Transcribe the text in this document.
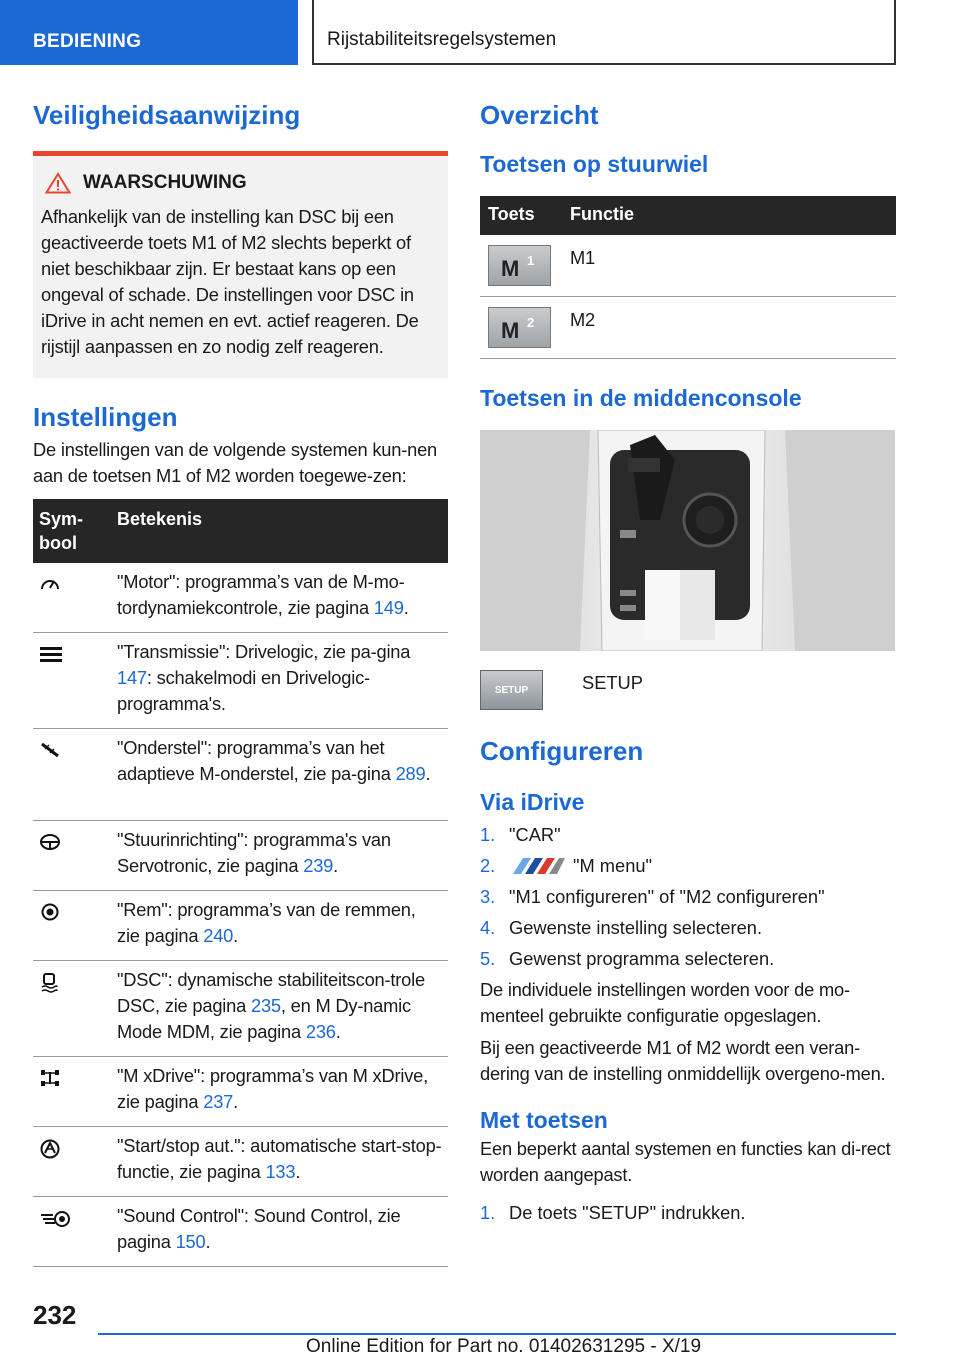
BEDIENING	Rijstabiliteitsregelsystemen
Veiligheidsaanwijzing
WAARSCHUWING
Afhankelijk van de instelling kan DSC bij een geactiveerde toets M1 of M2 slechts beperkt of niet beschikbaar zijn. Er bestaat kans op een ongeval of schade. De instellingen voor DSC in iDrive in acht nemen en evt. actief reageren. De rijstijl aanpassen en zo nodig zelf reageren.
Instellingen

De instellingen van de volgende systemen kun-nen aan de toetsen M1 of M2 worden toegewe-zen:

Sym-bool	Betekenis
	"Motor": programma’s van de M-mo-tordynamiekcontrole, zie pagina 149.
	"Transmissie": Drivelogic, zie pa-gina 147: schakelmodi en Drivelogic-programma's.
	"Onderstel": programma’s van het adaptieve M-onderstel, zie pa-gina 289.
	"Stuurinrichting": programma's van Servotronic, zie pagina 239.
	"Rem": programma’s van de remmen, zie pagina 240.
	"DSC": dynamische stabiliteitscon-trole DSC, zie pagina 235, en M Dy-namic Mode MDM, zie pagina 236.
	"M xDrive": programma’s van M xDrive, zie pagina 237.
	"Start/stop aut.": automatische start-stop-functie, zie pagina 133.
	"Sound Control": Sound Control, zie pagina 150.
Overzicht
Toetsen op stuurwiel
Toets	Functie

M 1	M1

M 2	M2
Toetsen in de middenconsole
SETUP	SETUP
Configureren
Via iDrive
1. "CAR"
2.	"M menu"
3. "M1 configureren" of "M2 configureren"
4. Gewenste instelling selecteren.
5. Gewenst programma selecteren.

De individuele instellingen worden voor de mo-menteel gebruikte configuratie opgeslagen.

Bij een geactiveerde M1 of M2 wordt een veran-dering van de instelling onmiddellijk overgeno-men.

Met toetsen

Een beperkt aantal systemen en functies kan di-rect worden aangepast.

1. De toets "SETUP" indrukken.
232
Online Edition for Part no. 01402631295 - X/19
